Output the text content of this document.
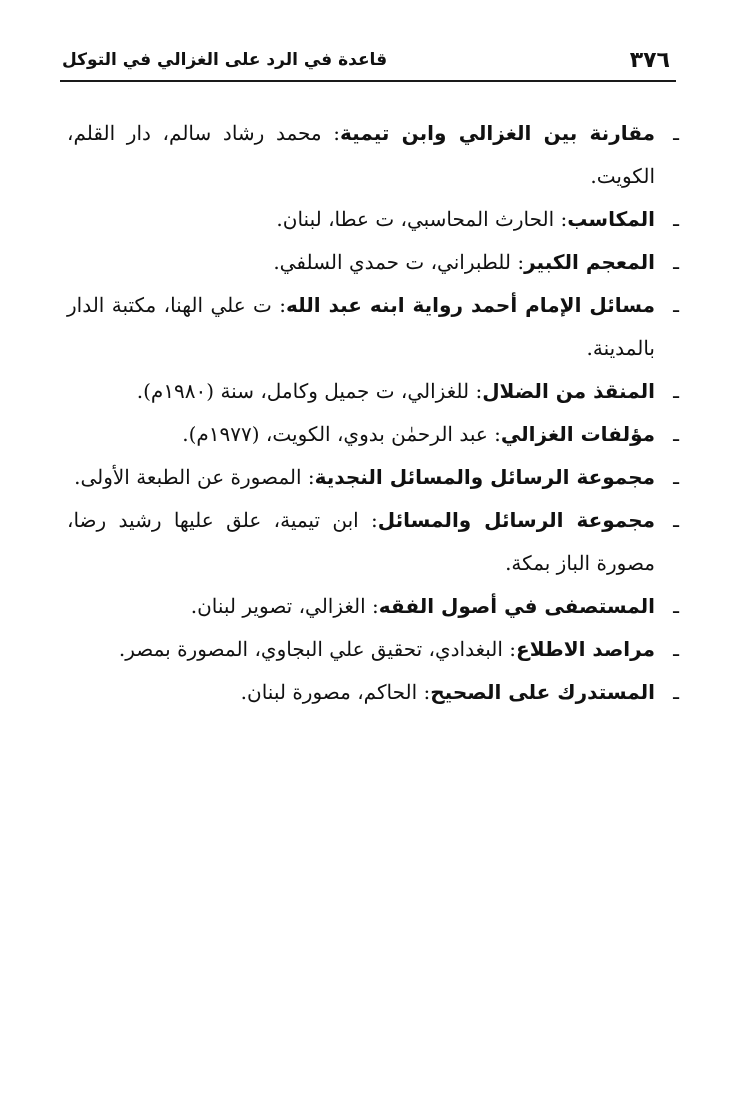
٣٧٦
قاعدة في الرد على الغزالي في التوكل
ـ
مقارنة بين الغزالي وابن تيمية: محمد رشاد سالم، دار القلم، الكويت.
ـ
المكاسب: الحارث المحاسبي، ت عطا، لبنان.
ـ
المعجم الكبير: للطبراني، ت حمدي السلفي.
ـ
مسائل الإمام أحمد رواية ابنه عبد الله: ت علي الهنا، مكتبة الدار بالمدينة.
ـ
المنقذ من الضلال: للغزالي، ت جميل وكامل، سنة (١٩٨٠م).
ـ
مؤلفات الغزالي: عبد الرحمٰن بدوي، الكويت، (١٩٧٧م).
ـ
مجموعة الرسائل والمسائل النجدية: المصورة عن الطبعة الأولى.
ـ
مجموعة الرسائل والمسائل: ابن تيمية، علق عليها رشيد رضا، مصورة الباز بمكة.
ـ
المستصفى في أصول الفقه: الغزالي، تصوير لبنان.
ـ
مراصد الاطلاع: البغدادي، تحقيق علي البجاوي، المصورة بمصر.
ـ
المستدرك على الصحيح: الحاكم، مصورة لبنان.
